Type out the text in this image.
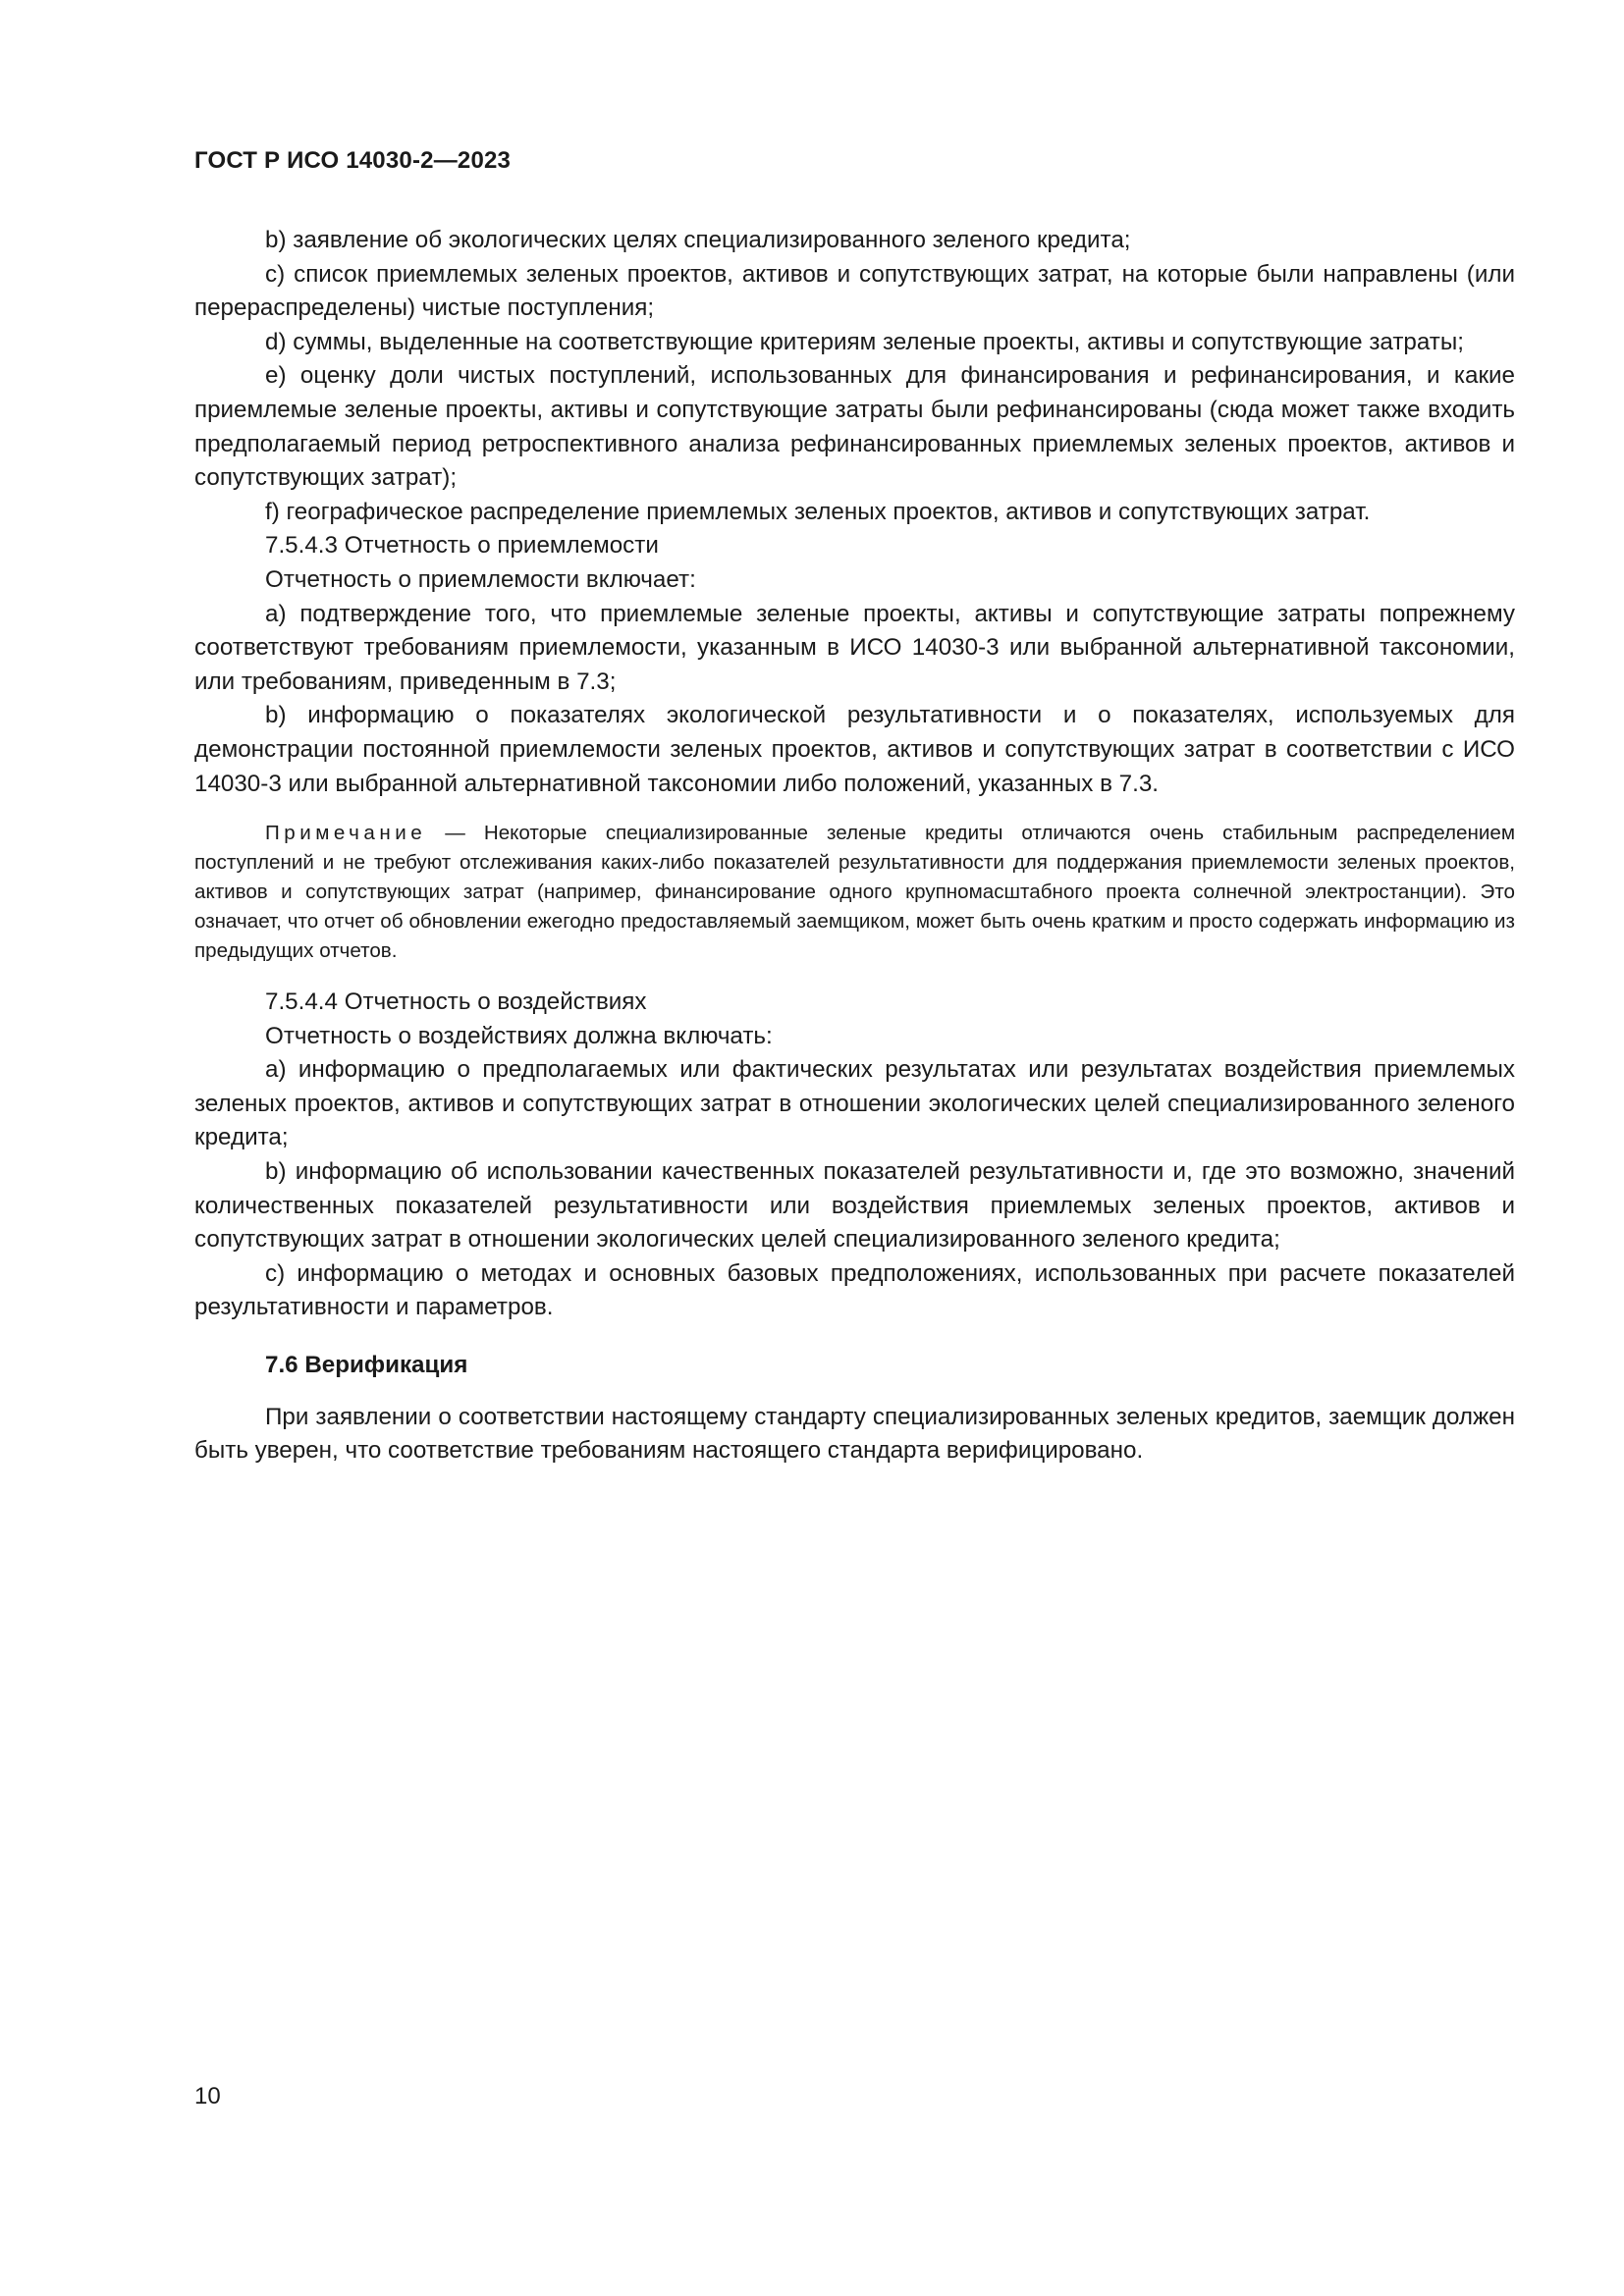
ГОСТ Р ИСО 14030-2—2023

b) заявление об экологических целях специализированного зеленого кредита;

c) список приемлемых зеленых проектов, активов и сопутствующих затрат, на которые были направлены (или перераспределены) чистые поступления;

d) суммы, выделенные на соответствующие критериям зеленые проекты, активы и сопутствующие затраты;

e) оценку доли чистых поступлений, использованных для финансирования и рефинансирования, и какие приемлемые зеленые проекты, активы и сопутствующие затраты были рефинансированы (сюда может также входить предполагаемый период ретроспективного анализа рефинансированных приемлемых зеленых проектов, активов и сопутствующих затрат);

f) географическое распределение приемлемых зеленых проектов, активов и сопутствующих затрат.

7.5.4.3 Отчетность о приемлемости

Отчетность о приемлемости включает:

a) подтверждение того, что приемлемые зеленые проекты, активы и сопутствующие затраты попрежнему соответствуют требованиям приемлемости, указанным в ИСО 14030-3 или выбранной альтернативной таксономии, или требованиям, приведенным в 7.3;

b) информацию о показателях экологической результативности и о показателях, используемых для демонстрации постоянной приемлемости зеленых проектов, активов и сопутствующих затрат в соответствии с ИСО 14030-3 или выбранной альтернативной таксономии либо положений, указанных в 7.3.

Примечание — Некоторые специализированные зеленые кредиты отличаются очень стабильным распределением поступлений и не требуют отслеживания каких-либо показателей результативности для поддержания приемлемости зеленых проектов, активов и сопутствующих затрат (например, финансирование одного крупномасштабного проекта солнечной электростанции). Это означает, что отчет об обновлении ежегодно предоставляемый заемщиком, может быть очень кратким и просто содержать информацию из предыдущих отчетов.

7.5.4.4 Отчетность о воздействиях

Отчетность о воздействиях должна включать:

a) информацию о предполагаемых или фактических результатах или результатах воздействия приемлемых зеленых проектов, активов и сопутствующих затрат в отношении экологических целей специализированного зеленого кредита;

b) информацию об использовании качественных показателей результативности и, где это возможно, значений количественных показателей результативности или воздействия приемлемых зеленых проектов, активов и сопутствующих затрат в отношении экологических целей специализированного зеленого кредита;

c) информацию о методах и основных базовых предположениях, использованных при расчете показателей результативности и параметров.

7.6 Верификация

При заявлении о соответствии настоящему стандарту специализированных зеленых кредитов, заемщик должен быть уверен, что соответствие требованиям настоящего стандарта верифицировано.

10
